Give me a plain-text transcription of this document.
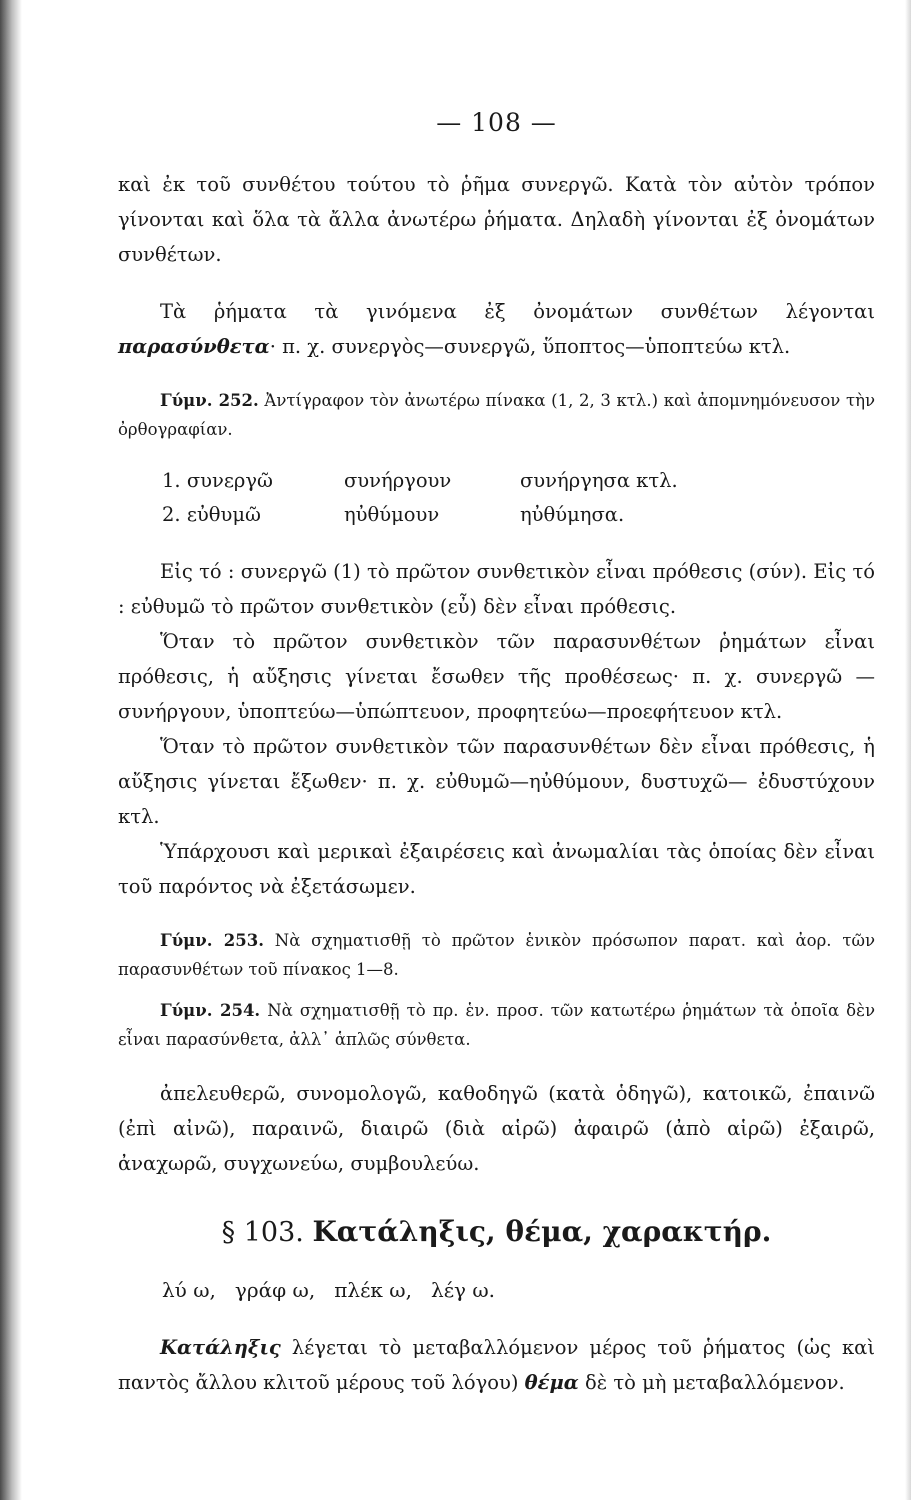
— 108 —

καὶ ἐκ τοῦ συνθέτου τούτου τὸ ῥῆμα συνεργῶ. Κατὰ τὸν αὐτὸν τρόπον γίνονται καὶ ὅλα τὰ ἄλλα ἀνωτέρω ῥήματα. Δηλαδὴ γίνονται ἐξ ὀνομάτων συνθέτων.

Τὰ ῥήματα τὰ γινόμενα ἐξ ὀνομάτων συνθέτων λέγονται παρασύνθετα· π. χ. συνεργὸς—συνεργῶ, ὕποπτος—ὑποπτεύω κτλ.

Γύμν. 252. Ἀντίγραφον τὸν ἀνωτέρω πίνακα (1, 2, 3 κτλ.) καὶ ἀπομνημόνευσον τὴν ὀρθογραφίαν.

1. συνεργῶ	συνήργουν	συνήργησα κτλ.
2. εὐθυμῶ	ηὐθύμουν	ηὐθύμησα.

Εἰς τό : συνεργῶ (1) τὸ πρῶτον συνθετικὸν εἶναι πρόθεσις (σύν). Εἰς τό : εὐθυμῶ τὸ πρῶτον συνθετικὸν (εὖ) δὲν εἶναι πρόθεσις.

Ὅταν τὸ πρῶτον συνθετικὸν τῶν παρασυνθέτων ῥημάτων εἶναι πρόθεσις, ἡ αὔξησις γίνεται ἔσωθεν τῆς προθέσεως· π. χ. συνεργῶ —συνήργουν, ὑποπτεύω—ὑπώπτευον, προφητεύω—προεφήτευον κτλ.

Ὅταν τὸ πρῶτον συνθετικὸν τῶν παρασυνθέτων δὲν εἶναι πρόθεσις, ἡ αὔξησις γίνεται ἔξωθεν· π. χ. εὐθυμῶ—ηὐθύμουν, δυστυχῶ— ἐδυστύχουν κτλ.

Ὑπάρχουσι καὶ μερικαὶ ἐξαιρέσεις καὶ ἀνωμαλίαι τὰς ὁποίας δὲν εἶναι τοῦ παρόντος νὰ ἐξετάσωμεν.

Γύμν. 253. Νὰ σχηματισθῇ τὸ πρῶτον ἑνικὸν πρόσωπον παρατ. καὶ ἀορ. τῶν παρασυνθέτων τοῦ πίνακος 1—8.

Γύμν. 254. Νὰ σχηματισθῇ τὸ πρ. ἑν. προσ. τῶν κατωτέρω ῥημάτων τὰ ὁποῖα δὲν εἶναι παρασύνθετα, ἀλλ᾽ ἁπλῶς σύνθετα.

ἀπελευθερῶ, συνομολογῶ, καθοδηγῶ (κατὰ ὁδηγῶ), κατοικῶ, ἐπαινῶ (ἐπὶ αἰνῶ), παραινῶ, διαιρῶ (διὰ αἱρῶ) ἀφαιρῶ (ἀπὸ αἱρῶ) ἐξαιρῶ, ἀναχωρῶ, συγχωνεύω, συμβουλεύω.

§ 103. Κατάληξις, θέμα, χαρακτήρ.
λύ ω,   γράφ ω,   πλέκ ω,   λέγ ω.

Κατάληξις λέγεται τὸ μεταβαλλόμενον μέρος τοῦ ῥήματος (ὡς καὶ παντὸς ἄλλου κλιτοῦ μέρους τοῦ λόγου) θέμα δὲ τὸ μὴ μεταβαλλόμενον.
